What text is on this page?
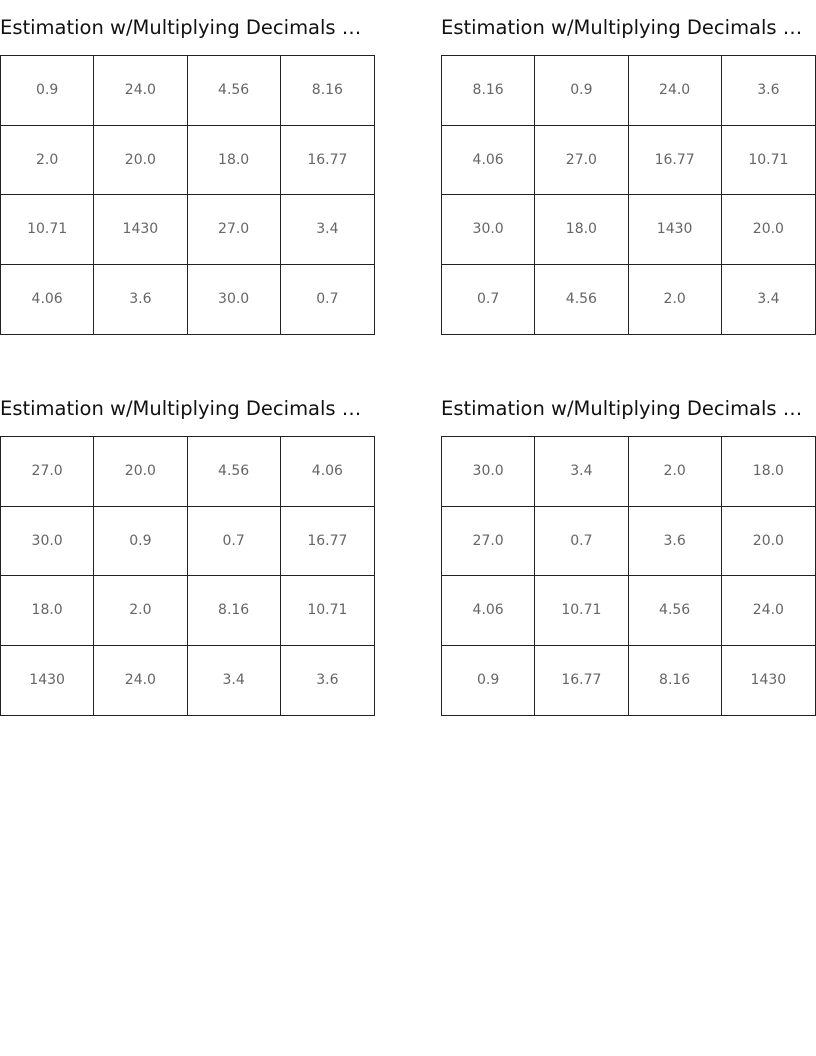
Estimation w/Multiplying Decimals …
0.9	24.0	4.56	8.16
2.0	20.0	18.0	16.77
10.71	1430	27.0	3.4
4.06	3.6	30.0	0.7
Estimation w/Multiplying Decimals …
8.16	0.9	24.0	3.6
4.06	27.0	16.77	10.71
30.0	18.0	1430	20.0
0.7	4.56	2.0	3.4
Estimation w/Multiplying Decimals …
27.0	20.0	4.56	4.06
30.0	0.9	0.7	16.77
18.0	2.0	8.16	10.71
1430	24.0	3.4	3.6
Estimation w/Multiplying Decimals …
30.0	3.4	2.0	18.0
27.0	0.7	3.6	20.0
4.06	10.71	4.56	24.0
0.9	16.77	8.16	1430
